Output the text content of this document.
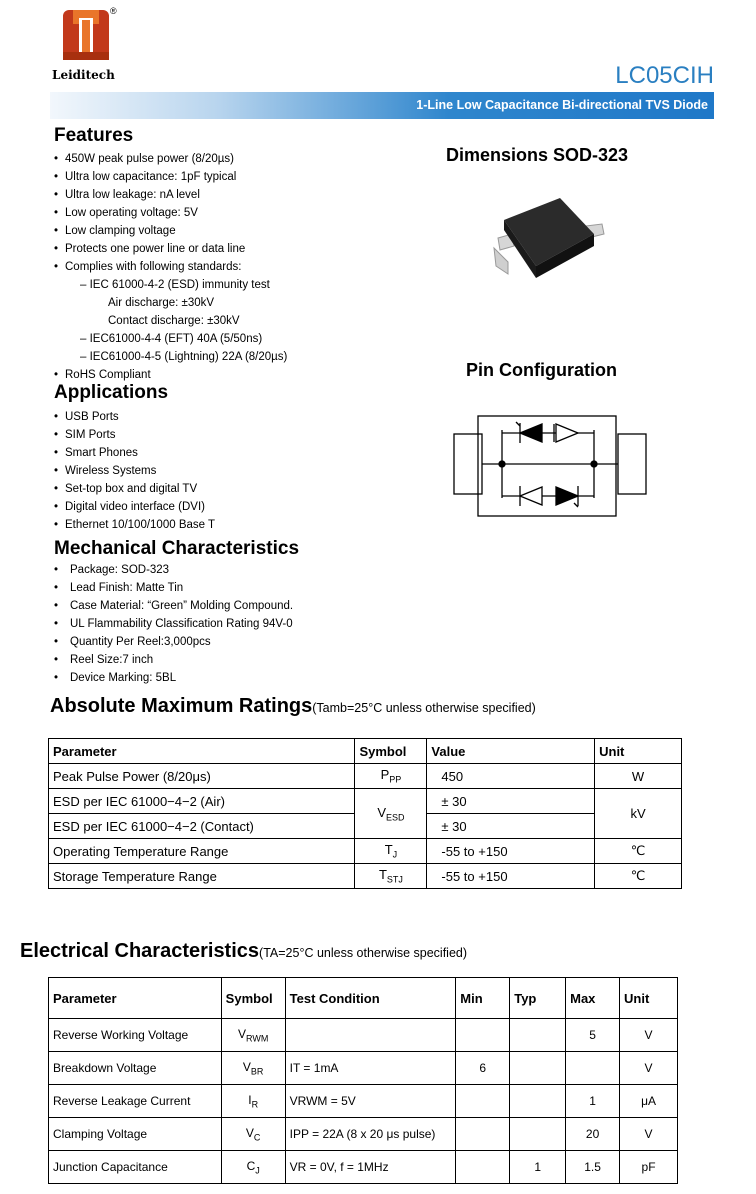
®
Leiditech	LC05CIH
1-Line Low Capacitance Bi-directional TVS Diode
Features
• 450W peak pulse power (8/20µs)
• Ultra low capacitance: 1pF typical
• Ultra low leakage: nA level
• Low operating voltage: 5V
• Low clamping voltage
• Protects one power line or data line
• Complies with following standards:
– IEC 61000-4-2 (ESD) immunity test
Air discharge: ±30kV
Contact discharge: ±30kV
– IEC61000-4-4 (EFT) 40A (5/50ns)
– IEC61000-4-5 (Lightning) 22A (8/20µs)
• RoHS Compliant
Applications
• USB Ports
• SIM Ports
• Smart Phones
• Wireless Systems
• Set-top box and digital TV
• Digital video interface (DVI)
• Ethernet 10/100/1000 Base T
Mechanical Characteristics
• Package: SOD-323
• Lead Finish: Matte Tin
• Case Material: “Green” Molding Compound.
• UL Flammability Classification Rating 94V-0
• Quantity Per Reel:3,000pcs
• Reel Size:7 inch
• Device Marking: 5BL
Dimensions SOD-323
Pin Configuration
Absolute Maximum Ratings(Tamb=25°C unless otherwise specified)
Parameter	Symbol	Value	Unit
Peak Pulse Power (8/20μs)	$P_{PP}$	450	W
ESD per IEC 61000−4−2 (Air)	$V_{ESD}$	± 30	kV
ESD per IEC 61000−4−2 (Contact)		± 30	
Operating Temperature Range	$T_J$	-55 to +150	℃
Storage Temperature Range	$T_{STJ}$	-55 to +150	℃
Electrical Characteristics(TA=25°C unless otherwise specified)
Parameter	Symbol	Test Condition	Min	Typ	Max	Unit
Reverse Working Voltage	$V_{RWM}$				5	V
Breakdown Voltage	$V_{BR}$	IT = 1mA	6			V
Reverse Leakage Current	$I_R$	VRWM = 5V			1	μA
Clamping Voltage	$V_C$	IPP = 22A (8 x 20 μs pulse)			20	V
Junction Capacitance	$C_J$	VR = 0V, f = 1MHz		1	1.5	pF
